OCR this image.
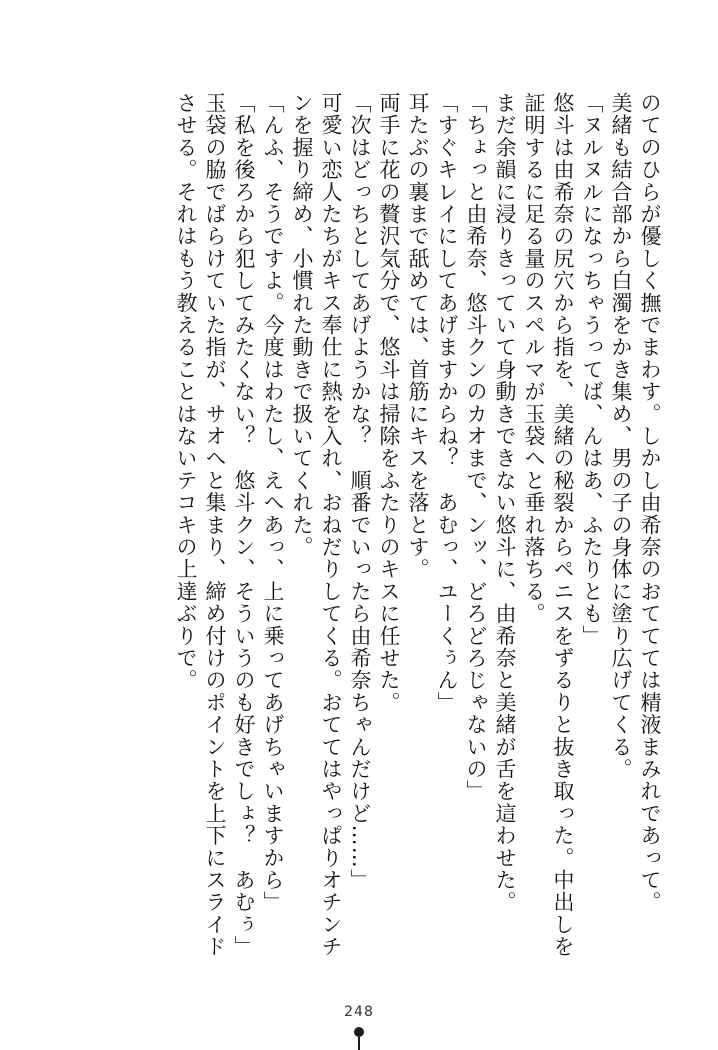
のてのひらが優しく撫でまわす。しかし由希奈のおててては精液まみれであって。
美緒も結合部から白濁をかき集め、男の子の身体に塗り広げてくる。
「ヌルヌルになっちゃうってば、んはあ、ふたりとも」
悠斗は由希奈の尻穴から指を、美緒の秘裂からペニスをずるりと抜き取った。中出しを
証明するに足る量のスペルマが玉袋へと垂れ落ちる。
まだ余韻に浸りきっていて身動きできない悠斗に、由希奈と美緒が舌を這わせた。
「ちょっと由希奈、悠斗クンのカオまで、ンッ、どろどろじゃないの」
「すぐキレイにしてあげますからね？　あむっ、ユーくぅん」
耳たぶの裏まで舐めては、首筋にキスを落とす。
両手に花の贅沢気分で、悠斗は掃除をふたりのキスに任せた。
「次はどっちとしてあげようかな？　順番でいったら由希奈ちゃんだけど……」
可愛い恋人たちがキス奉仕に熱を入れ、おねだりしてくる。おててはやっぱりオチンチ
ンを握り締め、小慣れた動きで扱いてくれた。
「んふ、そうですよ。今度はわたし、えへあっ、上に乗ってあげちゃいますから」
「私を後ろから犯してみたくない？　悠斗クン、そういうのも好きでしょ？　あむぅ」
玉袋の脇でばらけていた指が、サオへと集まり、締め付けのポイントを上下にスライド
させる。それはもう教えることはないテコキの上達ぶりで。
248
